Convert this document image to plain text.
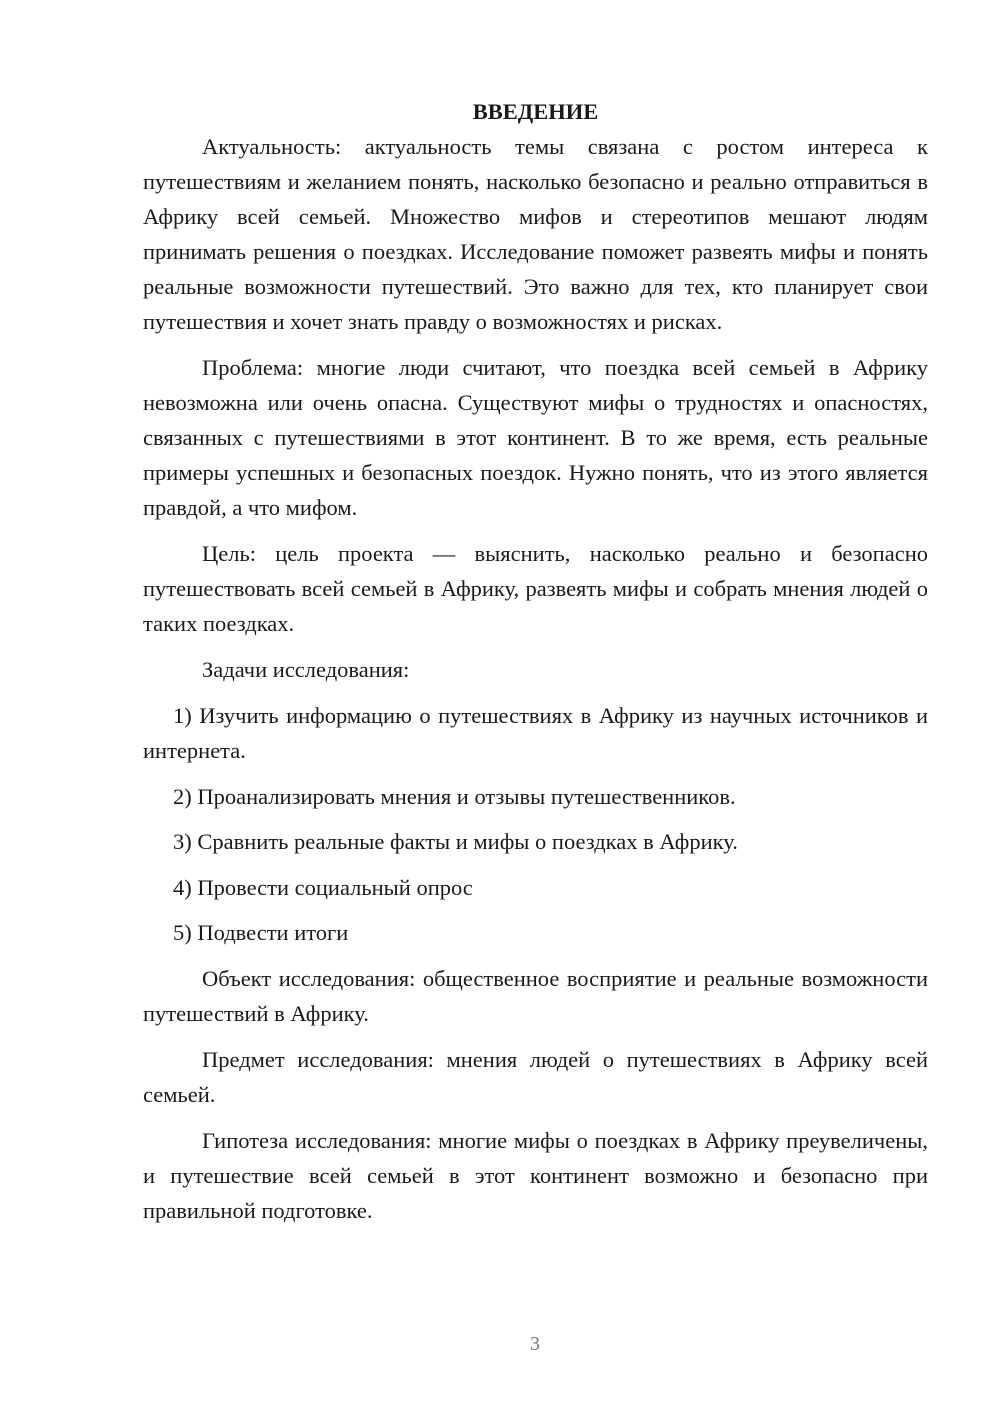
ВВЕДЕНИЕ

Актуальность: актуальность темы связана с ростом интереса к путешествиям и желанием понять, насколько безопасно и реально отправиться в Африку всей семьей. Множество мифов и стереотипов мешают людям принимать решения о поездках. Исследование поможет развеять мифы и понять реальные возможности путешествий. Это важно для тех, кто планирует свои путешествия и хочет знать правду о возможностях и рисках.

Проблема: многие люди считают, что поездка всей семьей в Африку невозможна или очень опасна. Существуют мифы о трудностях и опасностях, связанных с путешествиями в этот континент. В то же время, есть реальные примеры успешных и безопасных поездок. Нужно понять, что из этого является правдой, а что мифом.

Цель: цель проекта — выяснить, насколько реально и безопасно путешествовать всей семьей в Африку, развеять мифы и собрать мнения людей о таких поездках.

Задачи исследования:

1) Изучить информацию о путешествиях в Африку из научных источников и интернета.

2) Проанализировать мнения и отзывы путешественников.

3) Сравнить реальные факты и мифы о поездках в Африку.

4) Провести социальный опрос

5) Подвести итоги

Объект исследования: общественное восприятие и реальные возможности путешествий в Африку.

Предмет исследования: мнения людей о путешествиях в Африку всей семьей.

Гипотеза исследования: многие мифы о поездках в Африку преувеличены, и путешествие всей семьей в этот континент возможно и безопасно при правильной подготовке.

3
